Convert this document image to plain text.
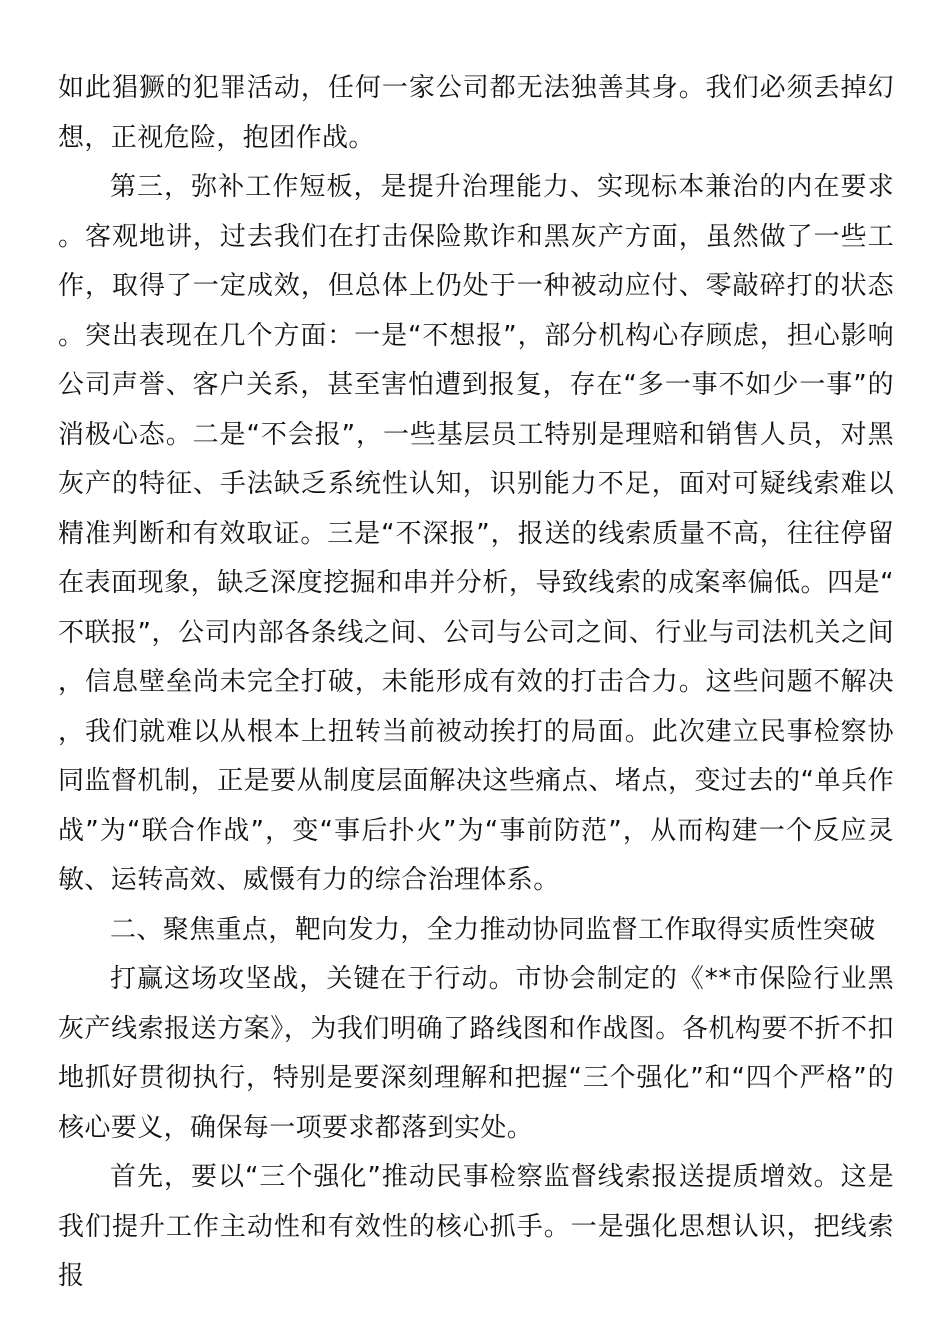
如此猖獗的犯罪活动，任何一家公司都无法独善其身。我们必须丢掉幻想，正视危险，抱团作战。

第三，弥补工作短板，是提升治理能力、实现标本兼治的内在要求。客观地讲，过去我们在打击保险欺诈和黑灰产方面，虽然做了一些工作，取得了一定成效，但总体上仍处于一种被动应付、零敲碎打的状态。突出表现在几个方面：一是“不想报”，部分机构心存顾虑，担心影响公司声誉、客户关系，甚至害怕遭到报复，存在“多一事不如少一事”的消极心态。二是“不会报”，一些基层员工特别是理赔和销售人员，对黑灰产的特征、手法缺乏系统性认知，识别能力不足，面对可疑线索难以精准判断和有效取证。三是“不深报”，报送的线索质量不高，往往停留在表面现象，缺乏深度挖掘和串并分析，导致线索的成案率偏低。四是“不联报”，公司内部各条线之间、公司与公司之间、行业与司法机关之间，信息壁垒尚未完全打破，未能形成有效的打击合力。这些问题不解决，我们就难以从根本上扭转当前被动挨打的局面。此次建立民事检察协同监督机制，正是要从制度层面解决这些痛点、堵点，变过去的“单兵作战”为“联合作战”，变“事后扑火”为“事前防范”，从而构建一个反应灵敏、运转高效、威慑有力的综合治理体系。

二、聚焦重点，靶向发力，全力推动协同监督工作取得实质性突破

打赢这场攻坚战，关键在于行动。市协会制定的《**市保险行业黑灰产线索报送方案》，为我们明确了路线图和作战图。各机构要不折不扣地抓好贯彻执行，特别是要深刻理解和把握“三个强化”和“四个严格”的核心要义，确保每一项要求都落到实处。

首先，要以“三个强化”推动民事检察监督线索报送提质增效。这是我们提升工作主动性和有效性的核心抓手。一是强化思想认识，把线索报
